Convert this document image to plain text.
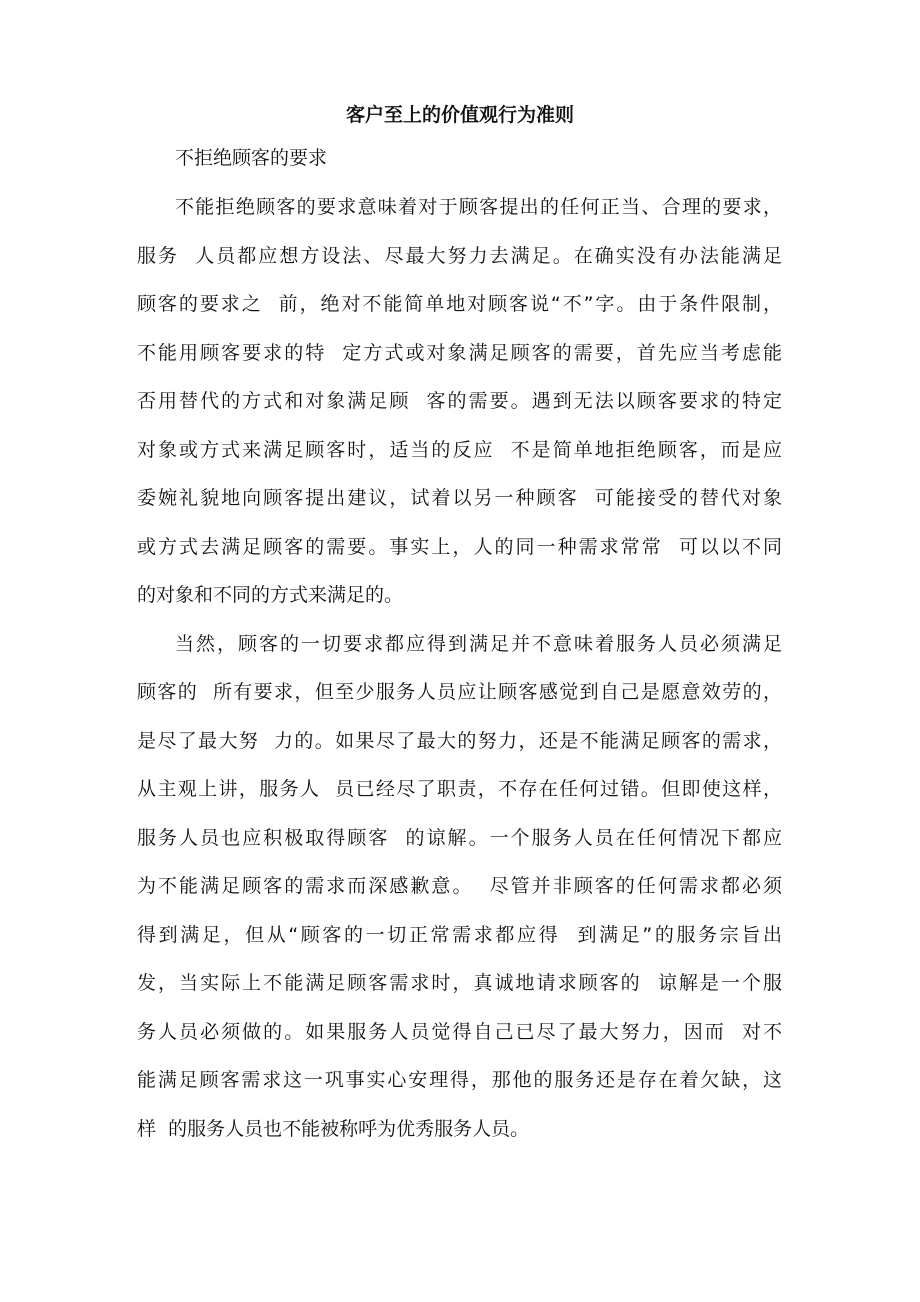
客户至上的价值观行为准则
不拒绝顾客的要求
不能拒绝顾客的要求意味着对于顾客提出的任何正当、合理的要求，
服务  人员都应想方设法、尽最大努力去满足。在确实没有办法能满足
顾客的要求之  前，绝对不能简单地对顾客说“不”字。由于条件限制，
不能用顾客要求的特  定方式或对象满足顾客的需要，首先应当考虑能
否用替代的方式和对象满足顾  客的需要。遇到无法以顾客要求的特定
对象或方式来满足顾客时，适当的反应  不是简单地拒绝顾客，而是应
委婉礼貌地向顾客提出建议，试着以另一种顾客  可能接受的替代对象
或方式去满足顾客的需要。事实上，人的同一种需求常常  可以以不同
的对象和不同的方式来满足的。
当然，顾客的一切要求都应得到满足并不意味着服务人员必须满足
顾客的  所有要求，但至少服务人员应让顾客感觉到自己是愿意效劳的，
是尽了最大努  力的。如果尽了最大的努力，还是不能满足顾客的需求，
从主观上讲，服务人  员已经尽了职责，不存在任何过错。但即使这样，
服务人员也应积极取得顾客  的谅解。一个服务人员在任何情况下都应
为不能满足顾客的需求而深感歉意。  尽管并非顾客的任何需求都必须
得到满足，但从“顾客的一切正常需求都应得  到满足”的服务宗旨出
发，当实际上不能满足顾客需求时，真诚地请求顾客的  谅解是一个服
务人员必须做的。如果服务人员觉得自己已尽了最大努力，因而  对不
能满足顾客需求这一巩事实心安理得，那他的服务还是存在着欠缺，这
样  的服务人员也不能被称呼为优秀服务人员。
